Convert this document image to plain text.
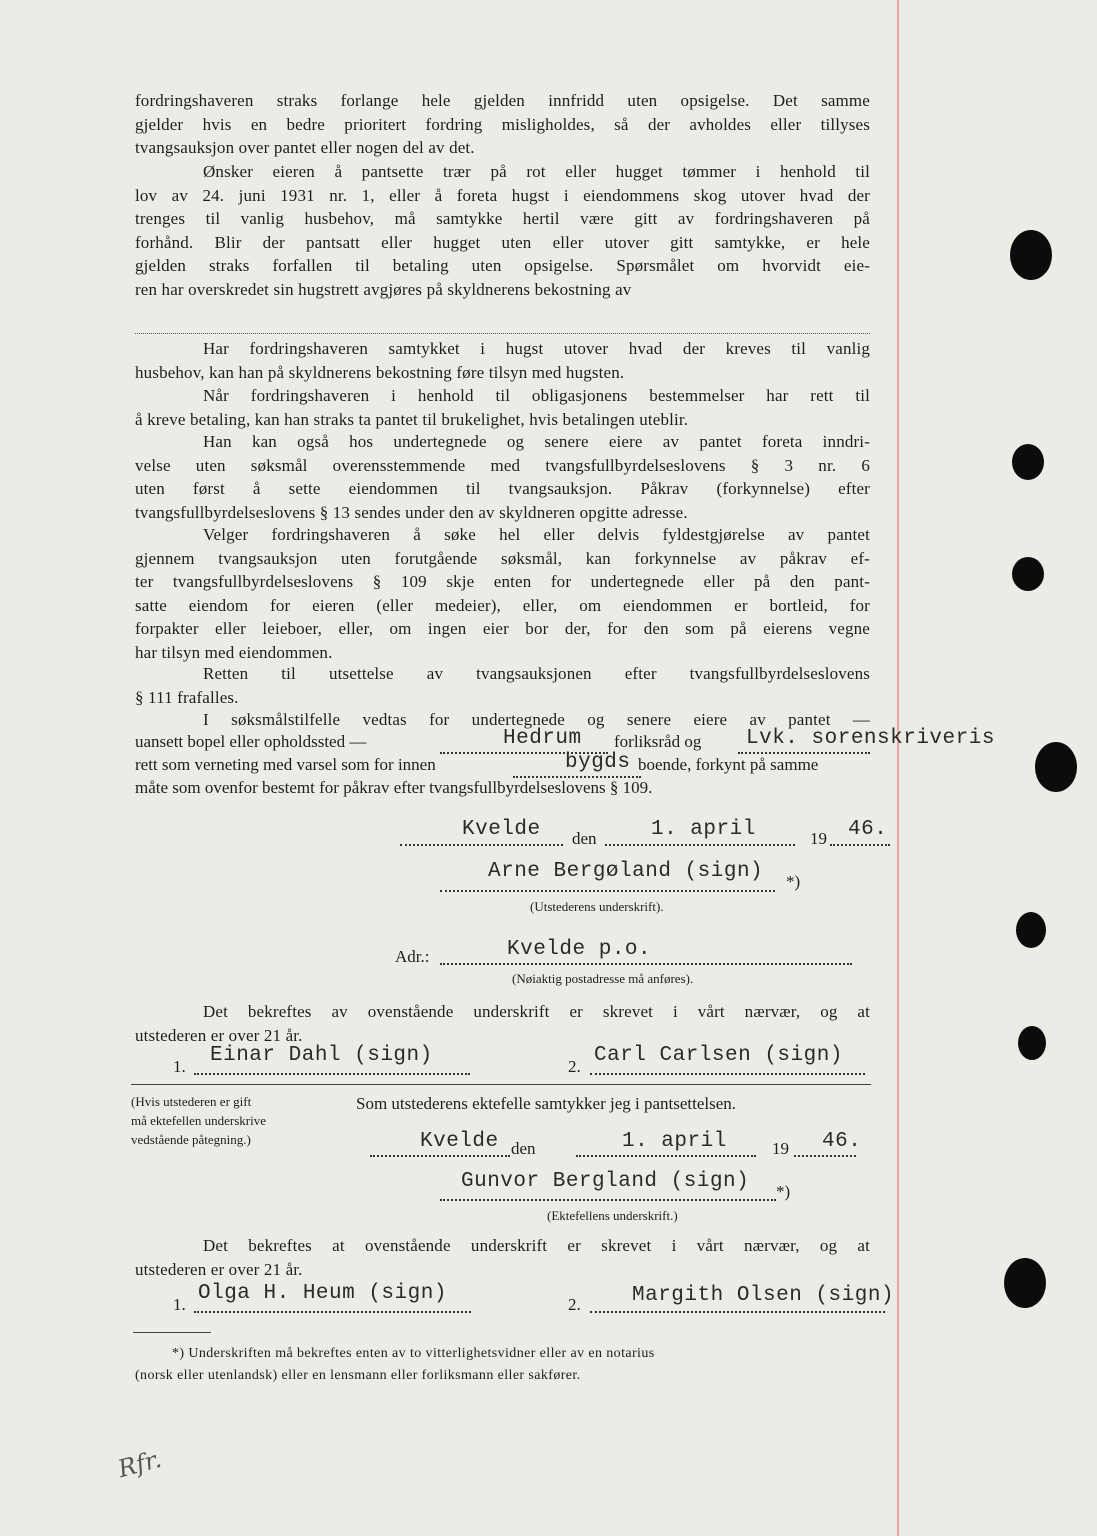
fordringshaveren straks forlange hele gjelden innfridd uten opsigelse. Det samme
gjelder hvis en bedre prioritert fordring misligholdes, så der avholdes eller tillyses
tvangsauksjon over pantet eller nogen del av det.
Ønsker eieren å pantsette trær på rot eller hugget tømmer i henhold til
lov av 24. juni 1931 nr. 1, eller å foreta hugst i eiendommens skog utover hvad der
trenges til vanlig husbehov, må samtykke hertil være gitt av fordringshaveren på
forhånd. Blir der pantsatt eller hugget uten eller utover gitt samtykke, er hele
gjelden straks forfallen til betaling uten opsigelse. Spørsmålet om hvorvidt eie-
ren har overskredet sin hugstrett avgjøres på skyldnerens bekostning av
Har fordringshaveren samtykket i hugst utover hvad der kreves til vanlig
husbehov, kan han på skyldnerens bekostning føre tilsyn med hugsten.
Når fordringshaveren i henhold til obligasjonens bestemmelser har rett til
å kreve betaling, kan han straks ta pantet til brukelighet, hvis betalingen uteblir.
Han kan også hos undertegnede og senere eiere av pantet foreta inndri-
velse uten søksmål overensstemmende med tvangsfullbyrdelseslovens § 3 nr. 6
uten først å sette eiendommen til tvangsauksjon. Påkrav (forkynnelse) efter
tvangsfullbyrdelseslovens § 13 sendes under den av skyldneren opgitte adresse.
Velger fordringshaveren å søke hel eller delvis fyldestgjørelse av pantet
gjennem tvangsauksjon uten forutgående søksmål, kan forkynnelse av påkrav ef-
ter tvangsfullbyrdelseslovens § 109 skje enten for undertegnede eller på den pant-
satte eiendom for eieren (eller medeier), eller, om eiendommen er bortleid, for
forpakter eller leieboer, eller, om ingen eier bor der, for den som på eierens vegne
har tilsyn med eiendommen.
Retten til utsettelse av tvangsauksjonen efter tvangsfullbyrdelseslovens
§ 111 frafalles.
I søksmålstilfelle vedtas for undertegnede og senere eiere av pantet —
uansett bopel eller opholdssted —	Hedrum forliksråd og Lvk. sorenskriveris
rett som verneting med varsel som for innen	bygds boende, forkynt på samme
måte som ovenfor bestemt for påkrav efter tvangsfullbyrdelseslovens § 109.
Kvelde den	1. april	19 46.
Arne Bergøland (sign) *)
(Utstederens underskrift).
Adr.:	Kvelde p.o.
(Nøiaktig postadresse må anføres).
Det bekreftes av ovenstående underskrift er skrevet i vårt nærvær, og at
utstederen er over 21 år.
1. Einar Dahl (sign)	2. Carl Carlsen (sign)
(Hvis utstederen er gift
må ektefellen underskrive
vedstående påtegning.)
Som utstederens ektefelle samtykker jeg i pantsettelsen.
Kvelde den	1. april	19 46.
Gunvor Bergland (sign) *)
(Ektefellens underskrift.)
Det bekreftes at ovenstående underskrift er skrevet i vårt nærvær, og at
utstederen er over 21 år.
1. Olga H. Heum (sign)	2. Margith Olsen (sign)
*) Underskriften må bekreftes enten av to vitterlighetsvidner eller av en notarius
(norsk eller utenlandsk) eller en lensmann eller forliksmann eller sakfører.
Rfr.
